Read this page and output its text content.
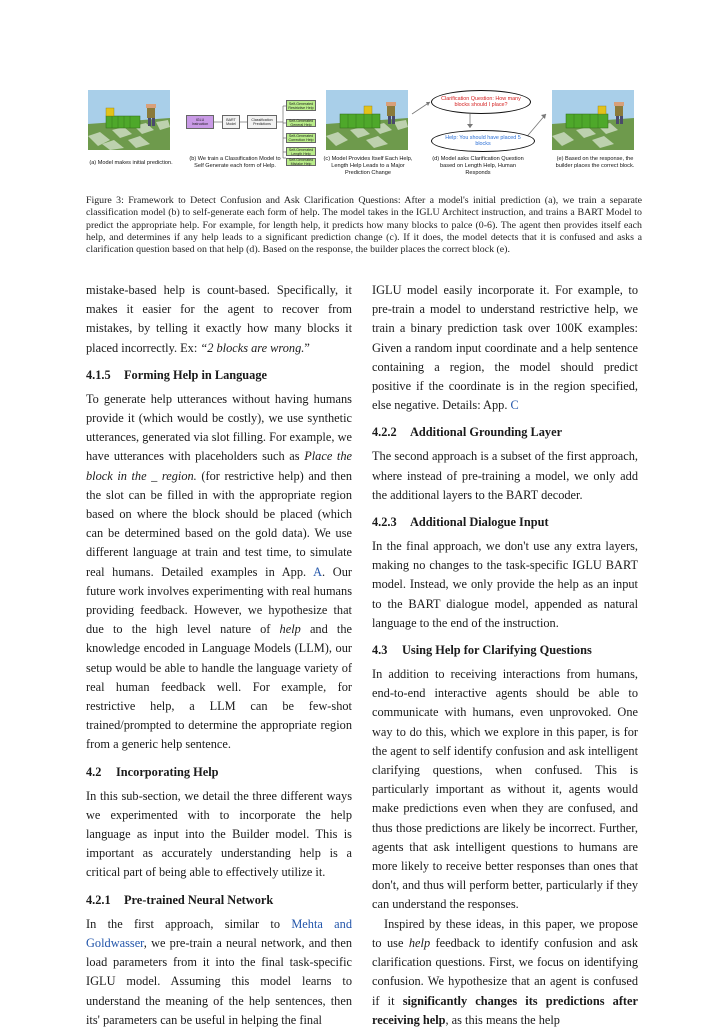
(a) Model makes initial prediction.
IGLU Instruction
BART Model
Classification Predictions
Self-Generated Restrictive Help
Self-Generated General Help
Self-Generated Correction Help
Self-Generated Length Help
Self-Generated Mistake Help
(b) We train a Classification Model to Self Generate each form of Help.
(c) Model Provides Itself Each Help, Length Help Leads to a Major Prediction Change
Clarification Question: How many blocks should I place?
Help: You should have placed 5 blocks
(d) Model asks Clarification Question based on Length Help, Human Responds
(e) Based on the response, the builder places the correct block.
Figure 3: Framework to Detect Confusion and Ask Clarification Questions: After a model's initial prediction (a), we train a separate classification model (b) to self-generate each form of help. The model takes in the IGLU Architect instruction, and trains a BART Model to predict the appropriate help. For example, for length help, it predicts how many blocks to palce (0-6). The agent then provides itself each help, and determines if any help leads to a significant prediction change (c). If it does, the model detects that it is confused and asks a clarification question based on that help (d). Based on the response, the builder places the correct block (e).

mistake-based help is count-based. Specifically, it makes it easier for the agent to recover from mistakes, by telling it exactly how many blocks it placed incorrectly. Ex: “2 blocks are wrong.”

4.1.5 Forming Help in Language

To generate help utterances without having humans provide it (which would be costly), we use synthetic utterances, generated via slot filling. For example, we have utterances with placeholders such as Place the block in the _ region. (for restrictive help) and then the slot can be filled in with the appropriate region based on where the block should be placed (which can be determined based on the gold data). We use different language at train and test time, to simulate real humans. Detailed examples in App. A. Our future work involves experimenting with real humans providing feedback. However, we hypothesize that due to the high level nature of help and the knowledge encoded in Language Models (LLM), our setup would be able to handle the language variety of real human feedback well. For example, for restrictive help, a LLM can be few-shot trained/prompted to determine the appropriate region from a generic help sentence.

4.2 Incorporating Help

In this sub-section, we detail the three different ways we experimented with to incorporate the help language as input into the Builder model. This is important as accurately understanding help is a critical part of being able to effectively utilize it.

4.2.1 Pre-trained Neural Network

In the first approach, similar to Mehta and Goldwasser, we pre-train a neural network, and then load parameters from it into the final task-specific IGLU model. Assuming this model learns to understand the meaning of the help sentences, then its' parameters can be useful in helping the final

IGLU model easily incorporate it. For example, to pre-train a model to understand restrictive help, we train a binary prediction task over 100K examples: Given a random input coordinate and a help sentence containing a region, the model should predict positive if the coordinate is in the region specified, else negative. Details: App. C

4.2.2 Additional Grounding Layer

The second approach is a subset of the first approach, where instead of pre-training a model, we only add the additional layers to the BART decoder.

4.2.3 Additional Dialogue Input

In the final approach, we don't use any extra layers, making no changes to the task-specific IGLU BART model. Instead, we only provide the help as an input to the BART dialogue model, appended as natural language to the end of the instruction.

4.3 Using Help for Clarifying Questions

In addition to receiving interactions from humans, end-to-end interactive agents should be able to communicate with humans, even unprovoked. One way to do this, which we explore in this paper, is for the agent to self identify confusion and ask intelligent clarifying questions, when confused. This is particularly important as without it, agents would make predictions even when they are confused, and thus those predictions are likely be incorrect. Further, agents that ask intelligent questions to humans are more likely to receive better responses than ones that don't, and thus will perform better, particularly if they can understand the responses.

Inspired by these ideas, in this paper, we propose to use help feedback to identify confusion and ask clarification questions. First, we focus on identifying confusion. We hypothesize that an agent is confused if it significantly changes its predictions after receiving help, as this means the help
